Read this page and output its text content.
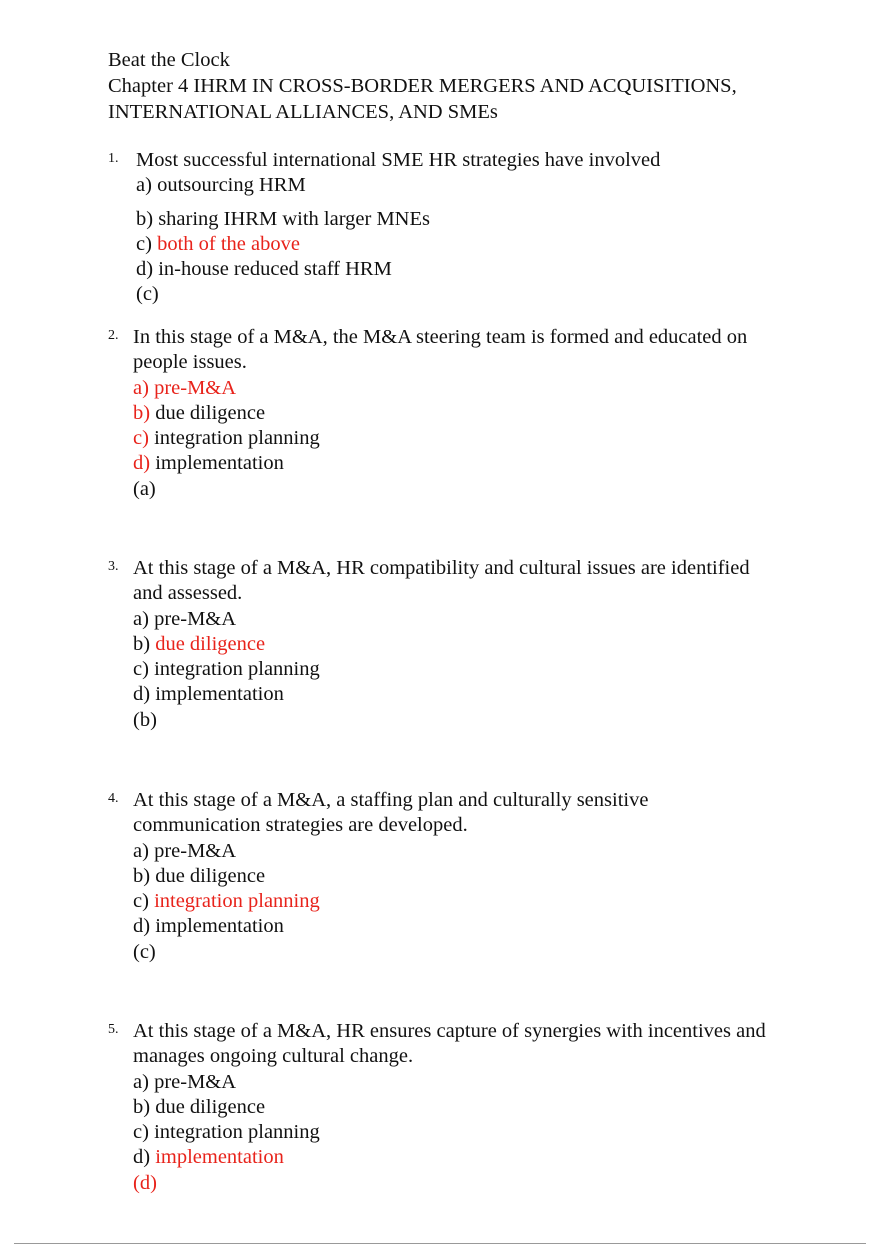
Beat the Clock
Chapter 4 IHRM IN CROSS-BORDER MERGERS AND ACQUISITIONS,
INTERNATIONAL ALLIANCES, AND SMEs
1. Most successful international SME HR strategies have involved
a) outsourcing HRM
b) sharing IHRM with larger MNEs
c) both of the above
d) in-house reduced staff HRM
(c)
2. In this stage of a M&A, the M&A steering team is formed and educated on
people issues.
a) pre-M&A
b) due diligence
c) integration planning
d) implementation
(a)
3. At this stage of a M&A, HR compatibility and cultural issues are identified
and assessed.
a) pre-M&A
b) due diligence
c) integration planning
d) implementation
(b)
4. At this stage of a M&A, a staffing plan and culturally sensitive
communication strategies are developed.
a) pre-M&A
b) due diligence
c) integration planning
d) implementation
(c)
5. At this stage of a M&A, HR ensures capture of synergies with incentives and
manages ongoing cultural change.
a) pre-M&A
b) due diligence
c) integration planning
d) implementation
(d)
